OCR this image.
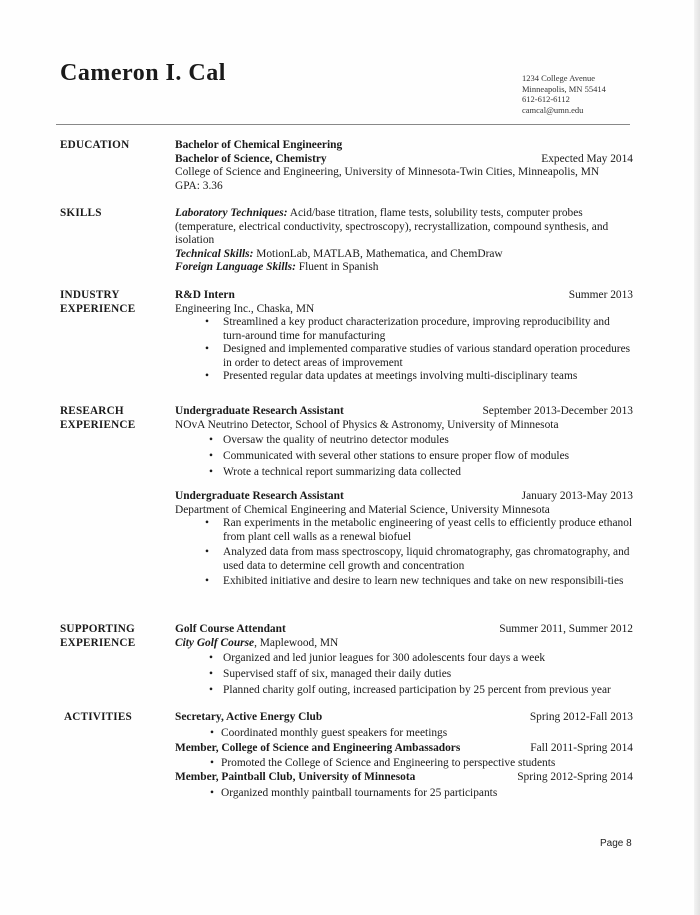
Cameron I. Cal	1234 College Avenue
Minneapolis, MN 55414
612-612-6112
camcal@umn.edu
EDUCATION	Bachelor of Chemical Engineering
Bachelor of Science, Chemistry	Expected May 2014
College of Science and Engineering, University of Minnesota-Twin Cities, Minneapolis, MN
GPA: 3.36
SKILLS	Laboratory Techniques: Acid/base titration, flame tests, solubility tests, computer probes (temperature, electrical conductivity, spectroscopy), recrystallization, compound synthesis, and isolation
Technical Skills: MotionLab, MATLAB, Mathematica, and ChemDraw
Foreign Language Skills: Fluent in Spanish
INDUSTRY
EXPERIENCE
R&D Intern	Summer 2013
Engineering Inc., Chaska, MN
• Streamlined a key product characterization procedure, improving reproducibility and turn-around time for manufacturing
• Designed and implemented comparative studies of various standard operation procedures in order to detect areas of improvement
• Presented regular data updates at meetings involving multi-disciplinary teams
RESEARCH
EXPERIENCE
Undergraduate Research Assistant	September 2013-December 2013
NOvA Neutrino Detector, School of Physics & Astronomy, University of Minnesota
• Oversaw the quality of neutrino detector modules
• Communicated with several other stations to ensure proper flow of modules
• Wrote a technical report summarizing data collected
Undergraduate Research Assistant	January 2013-May 2013
Department of Chemical Engineering and Material Science, University Minnesota
• Ran experiments in the metabolic engineering of yeast cells to efficiently produce ethanol from plant cell walls as a renewal biofuel
• Analyzed data from mass spectroscopy, liquid chromatography, gas chromatography, and used data to determine cell growth and concentration
• Exhibited initiative and desire to learn new techniques and take on new responsibili-ties
SUPPORTING
EXPERIENCE
Golf Course Attendant	Summer 2011, Summer 2012
City Golf Course, Maplewood, MN
• Organized and led junior leagues for 300 adolescents four days a week
• Supervised staff of six, managed their daily duties
• Planned charity golf outing, increased participation by 25 percent from previous year
ACTIVITIES	Secretary, Active Energy Club	Spring 2012-Fall 2013
• Coordinated monthly guest speakers for meetings
Member, College of Science and Engineering Ambassadors	Fall 2011-Spring 2014
• Promoted the College of Science and Engineering to perspective students
Member, Paintball Club, University of Minnesota	Spring 2012-Spring 2014
• Organized monthly paintball tournaments for 25 participants
Page 8
